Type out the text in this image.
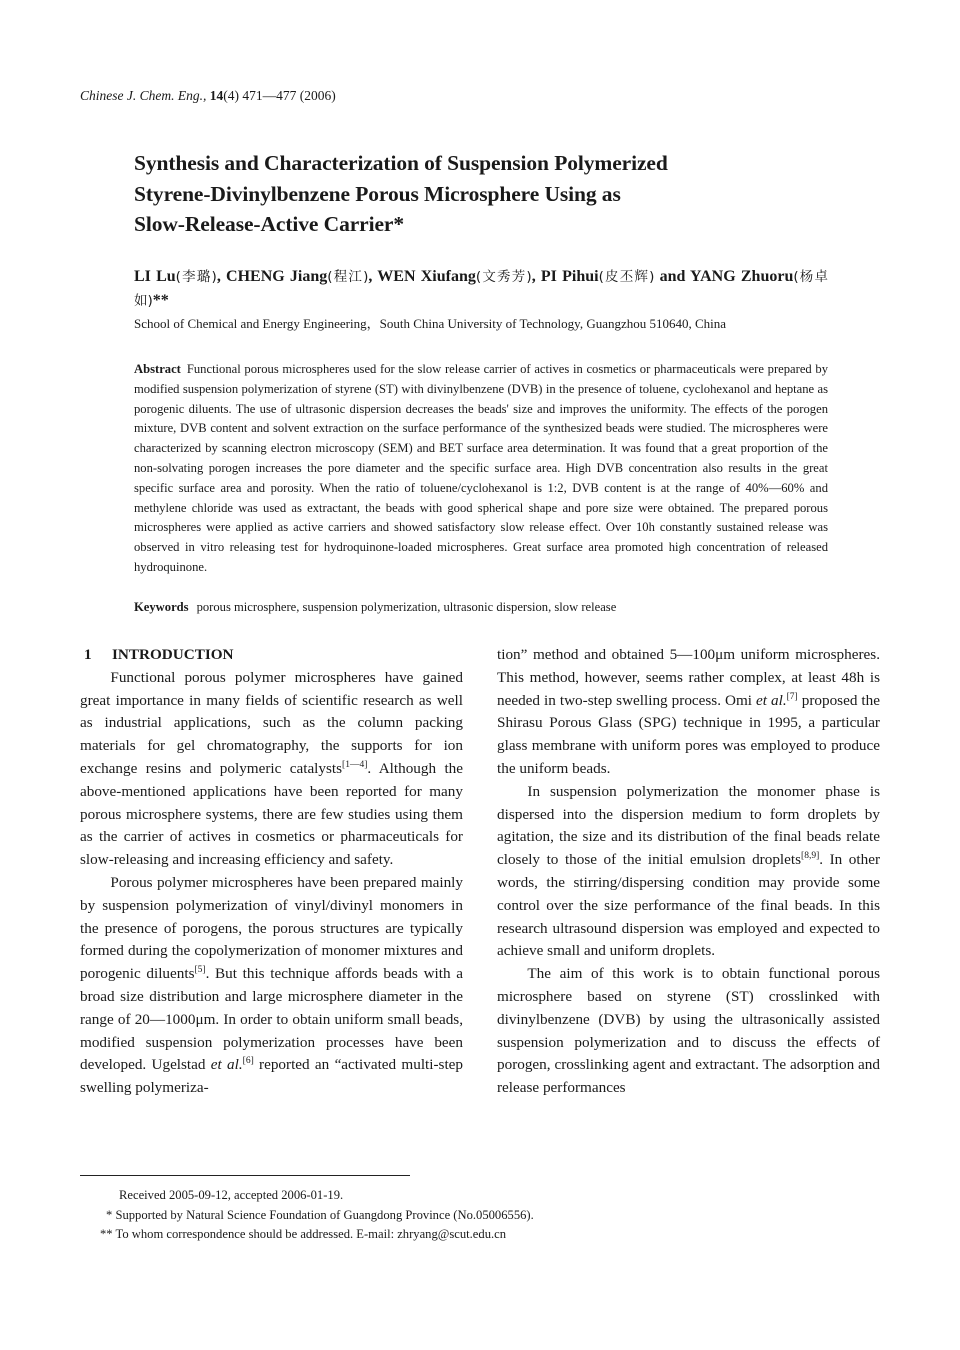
Chinese J. Chem. Eng., 14(4) 471—477 (2006)
Synthesis and Characterization of Suspension Polymerized
Styrene-Divinylbenzene Porous Microsphere Using as
Slow-Release-Active Carrier*
LI Lu(李璐), CHENG Jiang(程江), WEN Xiufang(文秀芳), PI Pihui(皮丕辉) and YANG Zhuoru(杨卓如)**
School of Chemical and Energy Engineering，South China University of Technology, Guangzhou 510640, China
Abstract Functional porous microspheres used for the slow release carrier of actives in cosmetics or pharmaceuticals were prepared by modified suspension polymerization of styrene (ST) with divinylbenzene (DVB) in the presence of toluene, cyclohexanol and heptane as porogenic diluents. The use of ultrasonic dispersion decreases the beads' size and improves the uniformity. The effects of the porogen mixture, DVB content and solvent extraction on the surface performance of the synthesized beads were studied. The microspheres were characterized by scanning electron microscopy (SEM) and BET surface area determination. It was found that a great proportion of the non-solvating porogen increases the pore diameter and the specific surface area. High DVB concentration also results in the great specific surface area and porosity. When the ratio of toluene/cyclohexanol is 1:2, DVB content is at the range of 40%—60% and methylene chloride was used as extractant, the beads with good spherical shape and pore size were obtained. The prepared porous microspheres were applied as active carriers and showed satisfactory slow release effect. Over 10h constantly sustained release was observed in vitro releasing test for hydroquinone-loaded microspheres. Great surface area promoted high concentration of released hydroquinone.
Keywords porous microsphere, suspension polymerization, ultrasonic dispersion, slow release
1 INTRODUCTION

Functional porous polymer microspheres have gained great importance in many fields of scientific research as well as industrial applications, such as the column packing materials for gel chromatography, the supports for ion exchange resins and polymeric catalysts[1—4]. Although the above-mentioned applications have been reported for many porous microsphere systems, there are few studies using them as the carrier of actives in cosmetics or pharmaceuticals for slow-releasing and increasing efficiency and safety.

Porous polymer microspheres have been prepared mainly by suspension polymerization of vinyl/divinyl monomers in the presence of porogens, the porous structures are typically formed during the copolymerization of monomer mixtures and porogenic diluents[5]. But this technique affords beads with a broad size distribution and large microsphere diameter in the range of 20—1000μm. In order to obtain uniform small beads, modified suspension polymerization processes have been developed. Ugelstad et al.[6] reported an “activated multi-step swelling polymeriza-

tion” method and obtained 5—100μm uniform microspheres. This method, however, seems rather complex, at least 48h is needed in two-step swelling process. Omi et al.[7] proposed the Shirasu Porous Glass (SPG) technique in 1995, a particular glass membrane with uniform pores was employed to produce the uniform beads.

In suspension polymerization the monomer phase is dispersed into the dispersion medium to form droplets by agitation, the size and its distribution of the final beads relate closely to those of the initial emulsion droplets[8,9]. In other words, the stirring/dispersing condition may provide some control over the size performance of the final beads. In this research ultrasound dispersion was employed and expected to achieve small and uniform droplets.

The aim of this work is to obtain functional porous microsphere based on styrene (ST) crosslinked with divinylbenzene (DVB) by using the ultrasonically assisted suspension polymerization and to discuss the effects of porogen, crosslinking agent and extractant. The adsorption and release performances

Received 2005-09-12, accepted 2006-01-19.
* Supported by Natural Science Foundation of Guangdong Province (No.05006556).
** To whom correspondence should be addressed. E-mail: zhryang@scut.edu.cn
